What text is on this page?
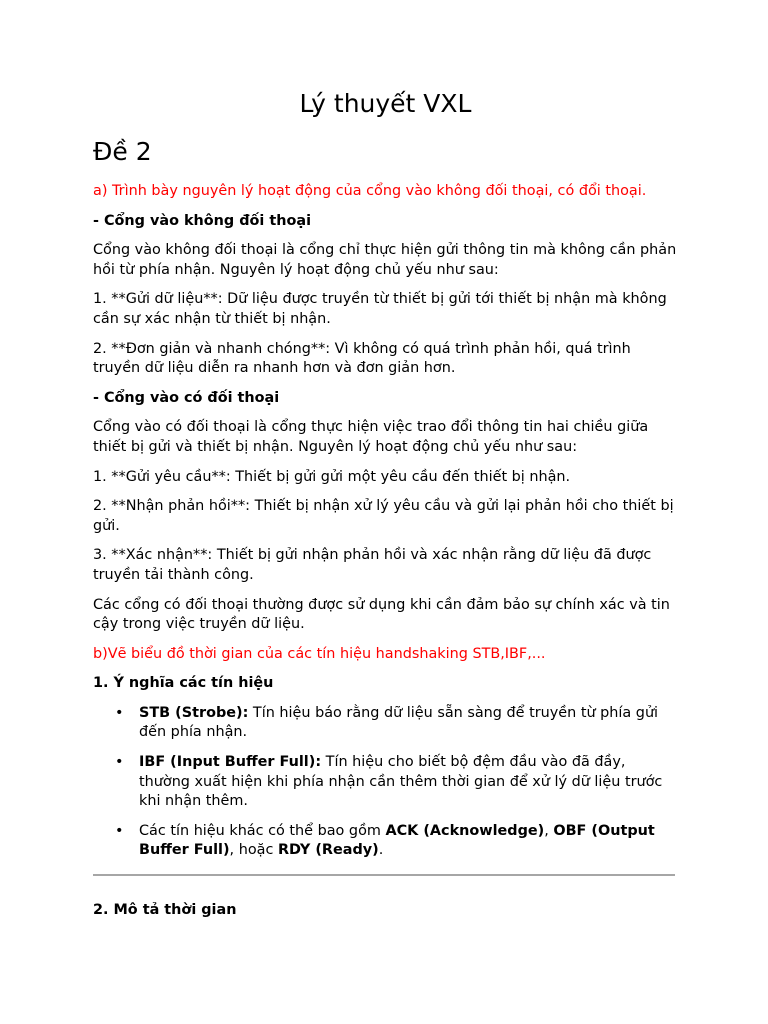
Lý thuyết VXL
Đề 2

a) Trình bày nguyên lý hoạt động của cổng vào không đối thoại, có đổi thoại.

- Cổng vào không đối thoại

Cổng vào không đối thoại là cổng chỉ thực hiện gửi thông tin mà không cần phản hồi từ phía nhận. Nguyên lý hoạt động chủ yếu như sau:

1. **Gửi dữ liệu**: Dữ liệu được truyền từ thiết bị gửi tới thiết bị nhận mà không cần sự xác nhận từ thiết bị nhận.

2. **Đơn giản và nhanh chóng**: Vì không có quá trình phản hồi, quá trình truyền dữ liệu diễn ra nhanh hơn và đơn giản hơn.

- Cổng vào có đối thoại

Cổng vào có đối thoại là cổng thực hiện việc trao đổi thông tin hai chiều giữa thiết bị gửi và thiết bị nhận. Nguyên lý hoạt động chủ yếu như sau:

1. **Gửi yêu cầu**: Thiết bị gửi gửi một yêu cầu đến thiết bị nhận.

2. **Nhận phản hồi**: Thiết bị nhận xử lý yêu cầu và gửi lại phản hồi cho thiết bị gửi.

3. **Xác nhận**: Thiết bị gửi nhận phản hồi và xác nhận rằng dữ liệu đã được truyền tải thành công.

Các cổng có đối thoại thường được sử dụng khi cần đảm bảo sự chính xác và tin cậy trong việc truyền dữ liệu.

b)Vẽ biểu đồ thời gian của các tín hiệu handshaking STB,IBF,...

1. Ý nghĩa các tín hiệu

• STB (Strobe): Tín hiệu báo rằng dữ liệu sẵn sàng để truyền từ phía gửi đến phía nhận.
• IBF (Input Buffer Full): Tín hiệu cho biết bộ đệm đầu vào đã đầy, thường xuất hiện khi phía nhận cần thêm thời gian để xử lý dữ liệu trước khi nhận thêm.
• Các tín hiệu khác có thể bao gồm ACK (Acknowledge), OBF (Output Buffer Full), hoặc RDY (Ready).

2. Mô tả thời gian
